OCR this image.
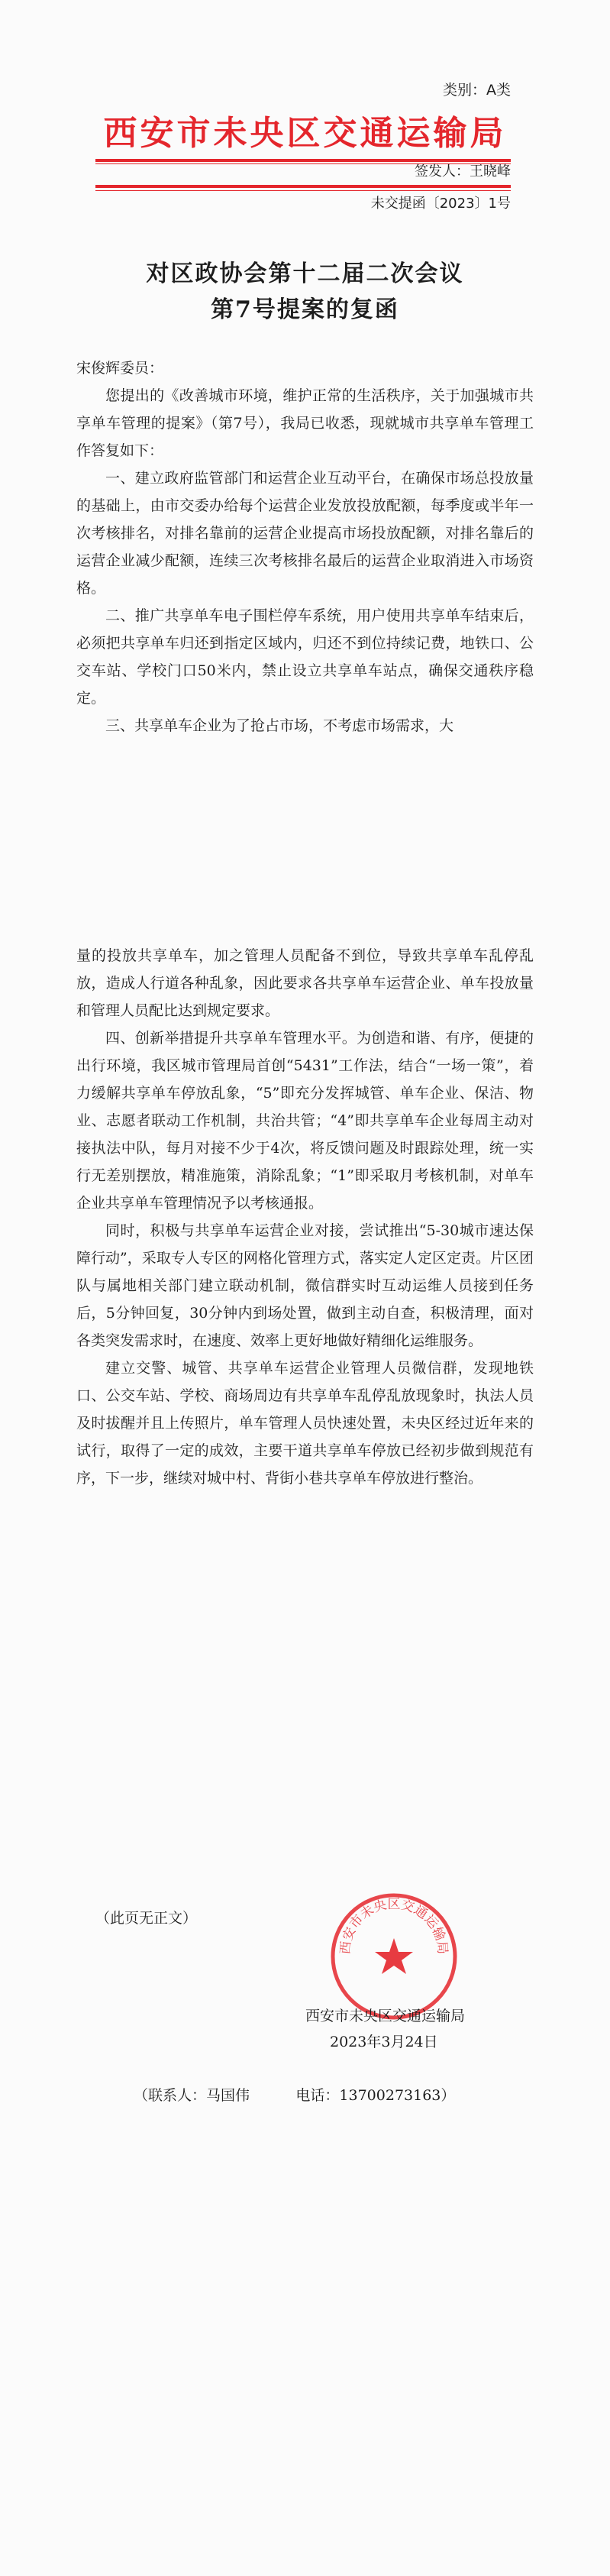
类别：A类
西安市未央区交通运输局
签发人：王晓峰
未交提函〔2023〕1号
对区政协会第十二届二次会议
第7号提案的复函

宋俊辉委员：

您提出的《改善城市环境，维护正常的生活秩序，关于加强城市共享单车管理的提案》（第7号），我局已收悉，现就城市共享单车管理工作答复如下：

一、建立政府监管部门和运营企业互动平台，在确保市场总投放量的基础上，由市交委办给每个运营企业发放投放配额，每季度或半年一次考核排名，对排名靠前的运营企业提高市场投放配额，对排名靠后的运营企业减少配额，连续三次考核排名最后的运营企业取消进入市场资格。

二、推广共享单车电子围栏停车系统，用户使用共享单车结束后，必须把共享单车归还到指定区域内，归还不到位持续记费，地铁口、公交车站、学校门口50米内，禁止设立共享单车站点，确保交通秩序稳定。

三、共享单车企业为了抢占市场，不考虑市场需求，大

量的投放共享单车，加之管理人员配备不到位，导致共享单车乱停乱放，造成人行道各种乱象，因此要求各共享单车运营企业、单车投放量和管理人员配比达到规定要求。

四、创新举措提升共享单车管理水平。为创造和谐、有序，便捷的出行环境，我区城市管理局首创“5431”工作法，结合“一场一策”，着力缓解共享单车停放乱象，“5”即充分发挥城管、单车企业、保洁、物业、志愿者联动工作机制，共治共管；“4”即共享单车企业每周主动对接执法中队，每月对接不少于4次，将反馈问题及时跟踪处理，统一实行无差别摆放，精准施策，消除乱象；“1”即采取月考核机制，对单车企业共享单车管理情况予以考核通报。

同时，积极与共享单车运营企业对接，尝试推出“5-30城市速达保障行动”，采取专人专区的网格化管理方式，落实定人定区定责。片区团队与属地相关部门建立联动机制，微信群实时互动运维人员接到任务后，5分钟回复，30分钟内到场处置，做到主动自查，积极清理，面对各类突发需求时，在速度、效率上更好地做好精细化运维服务。

建立交警、城管、共享单车运营企业管理人员微信群，发现地铁口、公交车站、学校、商场周边有共享单车乱停乱放现象时，执法人员及时拔醒并且上传照片，单车管理人员快速处置，未央区经过近年来的试行，取得了一定的成效，主要干道共享单车停放已经初步做到规范有序，下一步，继续对城中村、背街小巷共享单车停放进行整治。

（此页无正文）
西安市未央区交通运输局
西安市未央区交通运输局
2023年3月24日
（联系人：马国伟	电话：13700273163）
